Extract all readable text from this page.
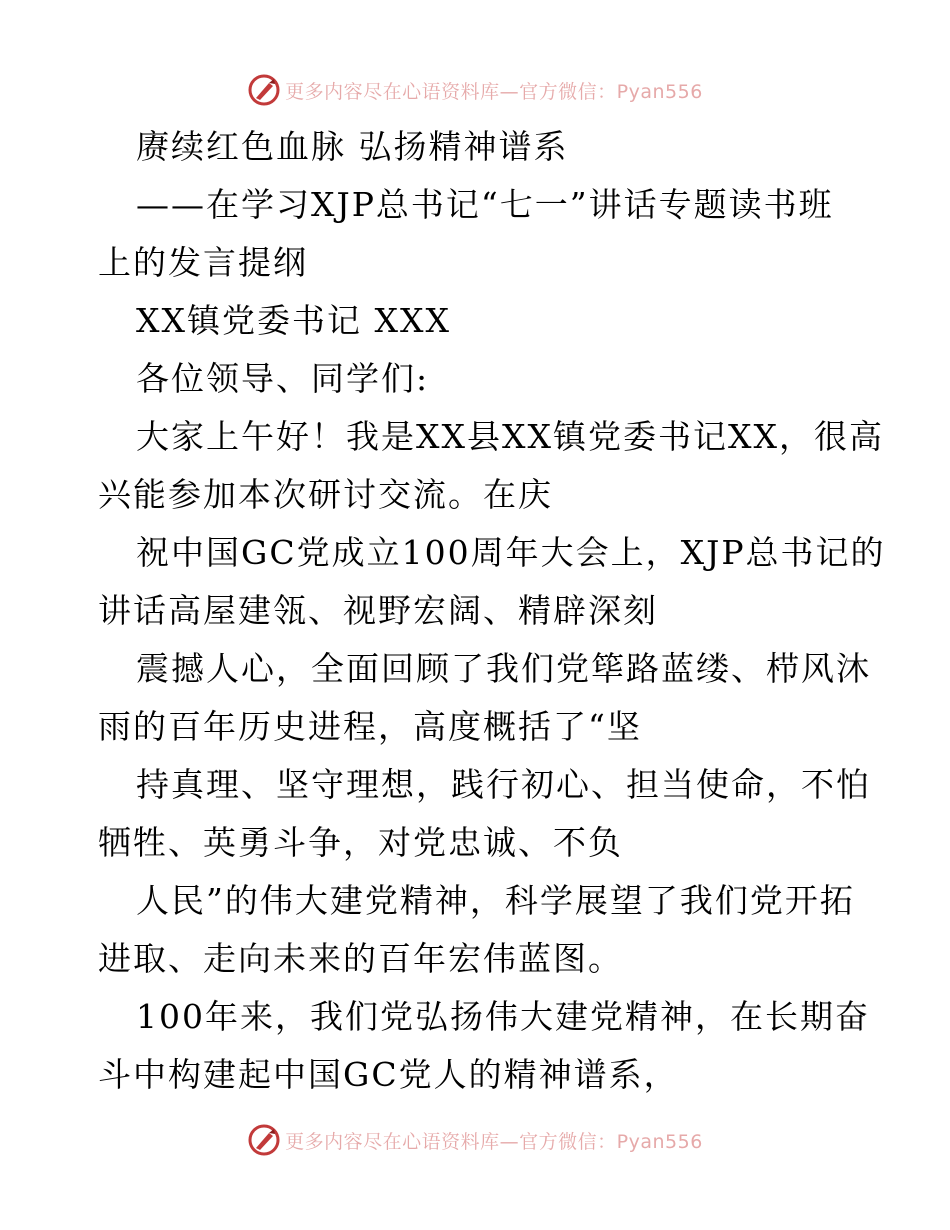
更多内容尽在心语资料库—官方微信：Pyan556
赓续红色血脉 弘扬精神谱系
——在学习XJP总书记“七一”讲话专题读书班
上的发言提纲
XX镇党委书记 XXX
各位领导、同学们:
大家上午好！我是XX县XX镇党委书记XX，很高
兴能参加本次研讨交流。在庆
祝中国GC党成立100周年大会上，XJP总书记的
讲话高屋建瓴、视野宏阔、精辟深刻
震撼人心，全面回顾了我们党筚路蓝缕、栉风沐
雨的百年历史进程，高度概括了“坚
持真理、坚守理想，践行初心、担当使命，不怕
牺牲、英勇斗争，对党忠诚、不负
人民”的伟大建党精神，科学展望了我们党开拓
进取、走向未来的百年宏伟蓝图。
100年来，我们党弘扬伟大建党精神，在长期奋
斗中构建起中国GC党人的精神谱系，
更多内容尽在心语资料库—官方微信：Pyan556
